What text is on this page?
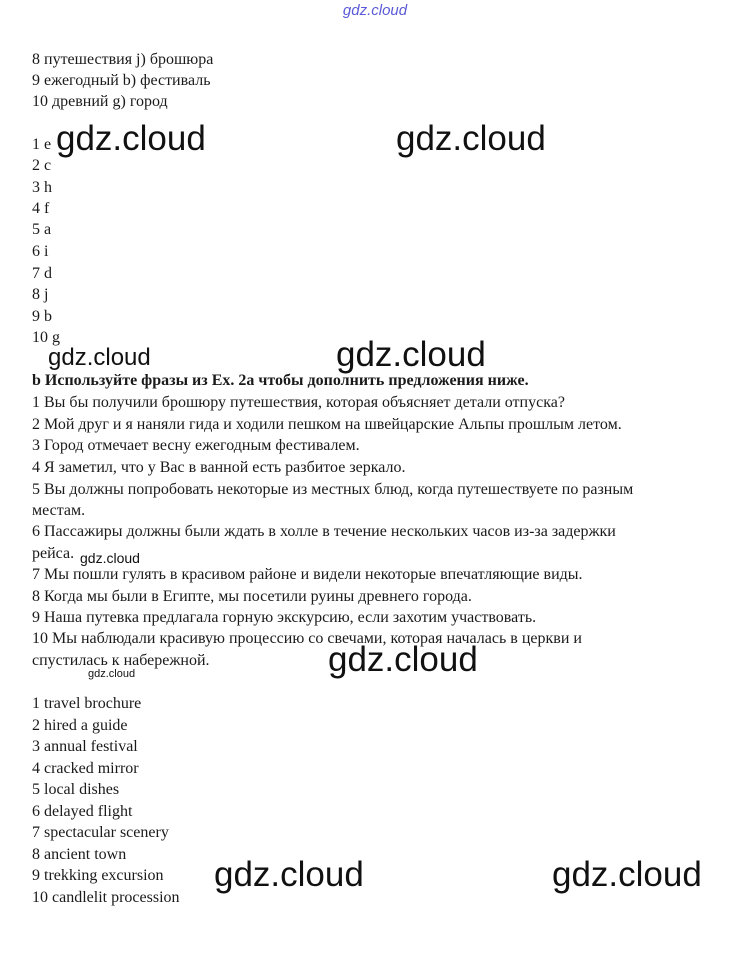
gdz.cloud
8 путешествия j) брошюра
9 ежегодный b) фестиваль
10 древний g) город
1 e
2 c
3 h
4 f
5 a
6 i
7 d
8 j
9 b
10 g
b Используйте фразы из Ex. 2a чтобы дополнить предложения ниже.
1 Вы бы получили брошюру путешествия, которая объясняет детали отпуска?
2 Мой друг и я наняли гида и ходили пешком на швейцарские Альпы прошлым летом.
3 Город отмечает весну ежегодным фестивалем.
4 Я заметил, что у Вас в ванной есть разбитое зеркало.
5 Вы должны попробовать некоторые из местных блюд, когда путешествуете по разным
местам.
6 Пассажиры должны были ждать в холле в течение нескольких часов из-за задержки
рейса.
7 Мы пошли гулять в красивом районе и видели некоторые впечатляющие виды.
8 Когда мы были в Египте, мы посетили руины древнего города.
9 Наша путевка предлагала горную экскурсию, если захотим участвовать.
10 Мы наблюдали красивую процессию со свечами, которая началась в церкви и
спустилась к набережной.
1 travel brochure
2 hired a guide
3 annual festival
4 cracked mirror
5 local dishes
6 delayed flight
7 spectacular scenery
8 ancient town
9 trekking excursion
10 candlelit procession
gdz.cloud	gdz.cloud
gdz.cloud	gdz.cloud
gdz.cloud
gdz.cloud
gdz.cloud
gdz.cloud	gdz.cloud
